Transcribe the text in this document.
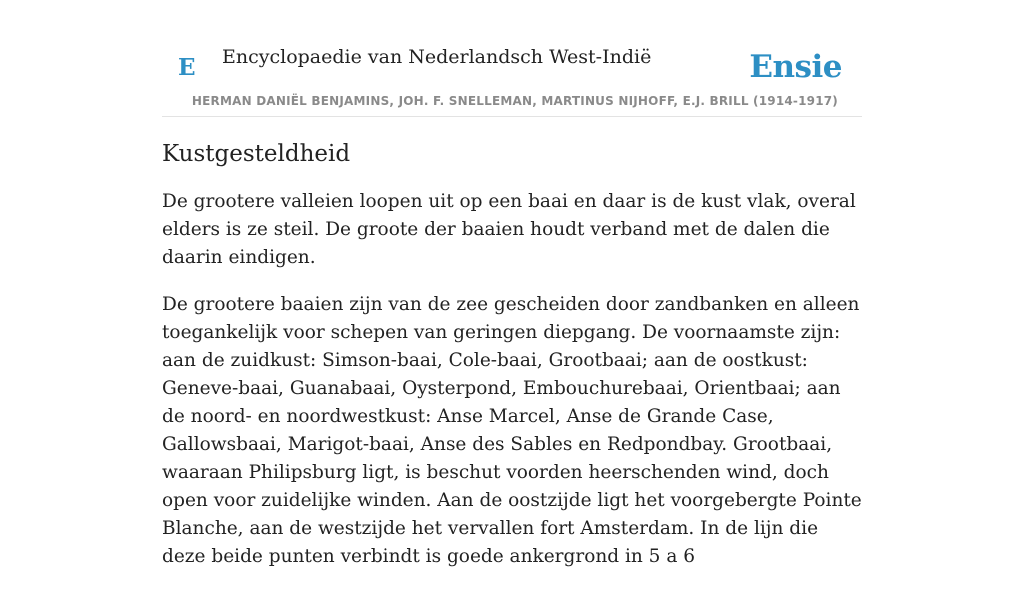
E Encyclopaedie van Nederlandsch West-Indië	Ensie
HERMAN DANIËL BENJAMINS, JOH. F. SNELLEMAN, MARTINUS NIJHOFF, E.J. BRILL (1914-1917)
Kustgesteldheid

De grootere valleien loopen uit op een baai en daar is de kust vlak, overal elders is ze steil. De groote der baaien houdt verband met de dalen die daarin eindigen.

De grootere baaien zijn van de zee gescheiden door zandbanken en alleen toegankelijk voor schepen van geringen diepgang. De voornaamste zijn: aan de zuidkust: Simson-baai, Cole-baai, Grootbaai; aan de oostkust: Geneve-baai, Guanabaai, Oysterpond, Embouchurebaai, Orientbaai; aan de noord- en noordwestkust: Anse Marcel, Anse de Grande Case, Gallowsbaai, Marigot-baai, Anse des Sables en Redpondbay. Grootbaai, waaraan Philipsburg ligt, is beschut voorden heerschenden wind, doch open voor zuidelijke winden. Aan de oostzijde ligt het voorgebergte Pointe Blanche, aan de westzijde het vervallen fort Amsterdam. In de lijn die deze beide punten verbindt is goede ankergrond in 5 a 6
